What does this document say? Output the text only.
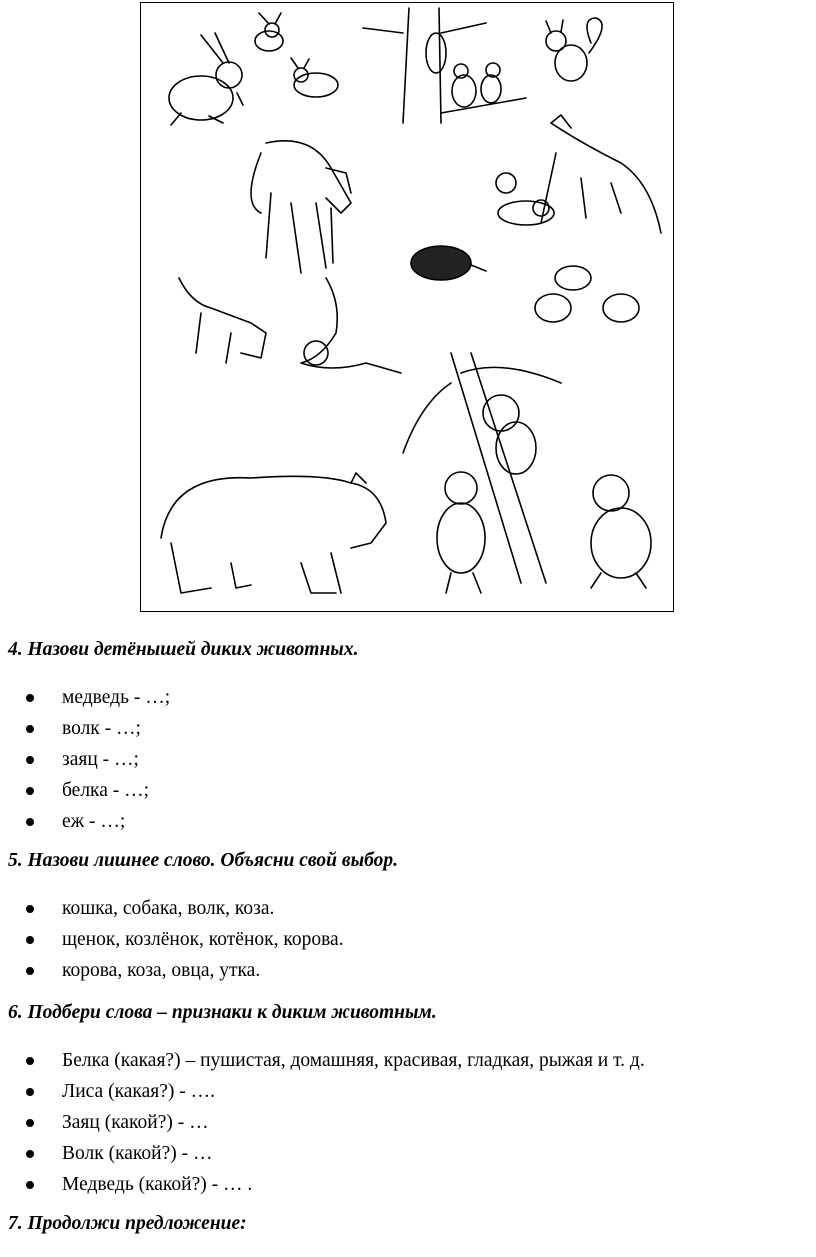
4. Назови детёнышей диких животных.
медведь - …;
волк - …;
заяц - …;
белка - …;
еж - …;
5. Назови лишнее слово. Объясни свой выбор.
кошка, собака, волк, коза.
щенок, козлёнок, котёнок, корова.
корова, коза, овца, утка.
6. Подбери слова – признаки к диким животным.
Белка (какая?) – пушистая, домашняя, красивая, гладкая, рыжая и т. д.
Лиса (какая?) - ….
Заяц (какой?) - …
Волк (какой?) - …
Медведь (какой?) - … .
7. Продолжи предложение:
